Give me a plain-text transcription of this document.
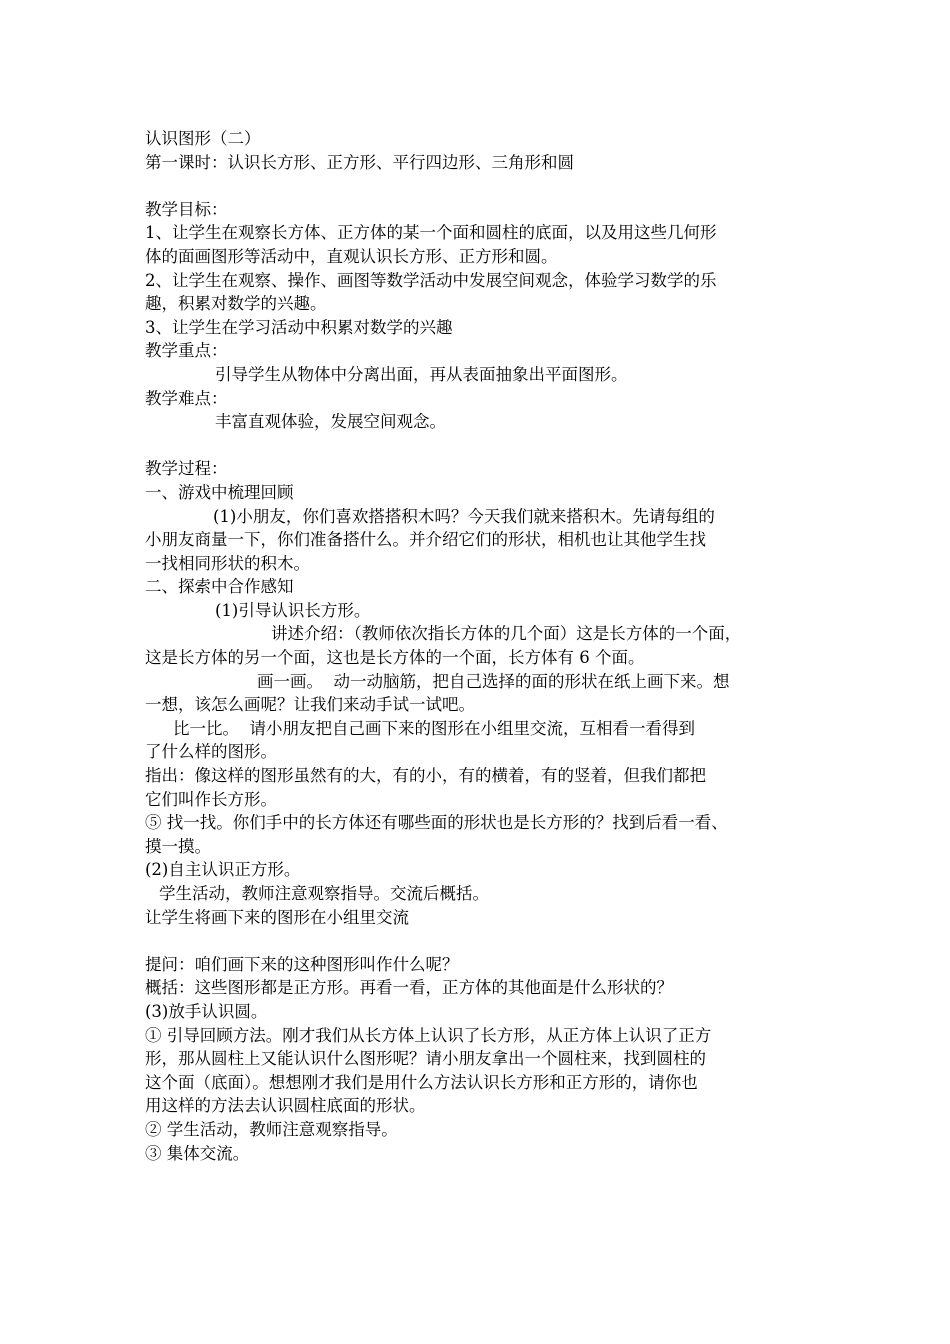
认识图形（二）
第一课时：认识长方形、正方形、平行四边形、三角形和圆
教学目标：
1、让学生在观察长方体、正方体的某一个面和圆柱的底面，以及用这些几何形
体的面画图形等活动中，直观认识长方形、正方形和圆。
2、让学生在观察、操作、画图等数学活动中发展空间观念，体验学习数学的乐
趣，积累对数学的兴趣。
3、让学生在学习活动中积累对数学的兴趣
教学重点：
引导学生从物体中分离出面，再从表面抽象出平面图形。
教学难点：
丰富直观体验，发展空间观念。
教学过程：
一、游戏中梳理回顾
(1)小朋友，你们喜欢搭搭积木吗？今天我们就来搭积木。先请每组的
小朋友商量一下，你们准备搭什么。并介绍它们的形状，相机也让其他学生找
一找相同形状的积木。
二、探索中合作感知
(1)引导认识长方形。
讲述介绍：（教师依次指长方体的几个面）这是长方体的一个面，
这是长方体的另一个面，这也是长方体的一个面，长方体有 6 个面。
画一画。  动一动脑筋，把自己选择的面的形状在纸上画下来。想
一想，该怎么画呢？让我们来动手试一试吧。
比一比。  请小朋友把自己画下来的图形在小组里交流，互相看一看得到
了什么样的图形。
指出：像这样的图形虽然有的大，有的小，有的横着，有的竖着，但我们都把
它们叫作长方形。
⑤ 找一找。你们手中的长方体还有哪些面的形状也是长方形的？找到后看一看、
摸一摸。
(2)自主认识正方形。
学生活动，教师注意观察指导。交流后概括。
让学生将画下来的图形在小组里交流
提问：咱们画下来的这种图形叫作什么呢？
概括：这些图形都是正方形。再看一看，正方体的其他面是什么形状的？
(3)放手认识圆。
① 引导回顾方法。刚才我们从长方体上认识了长方形，从正方体上认识了正方
形，那从圆柱上又能认识什么图形呢？请小朋友拿出一个圆柱来，找到圆柱的
这个面（底面）。想想刚才我们是用什么方法认识长方形和正方形的，请你也
用这样的方法去认识圆柱底面的形状。
② 学生活动，教师注意观察指导。
③ 集体交流。
